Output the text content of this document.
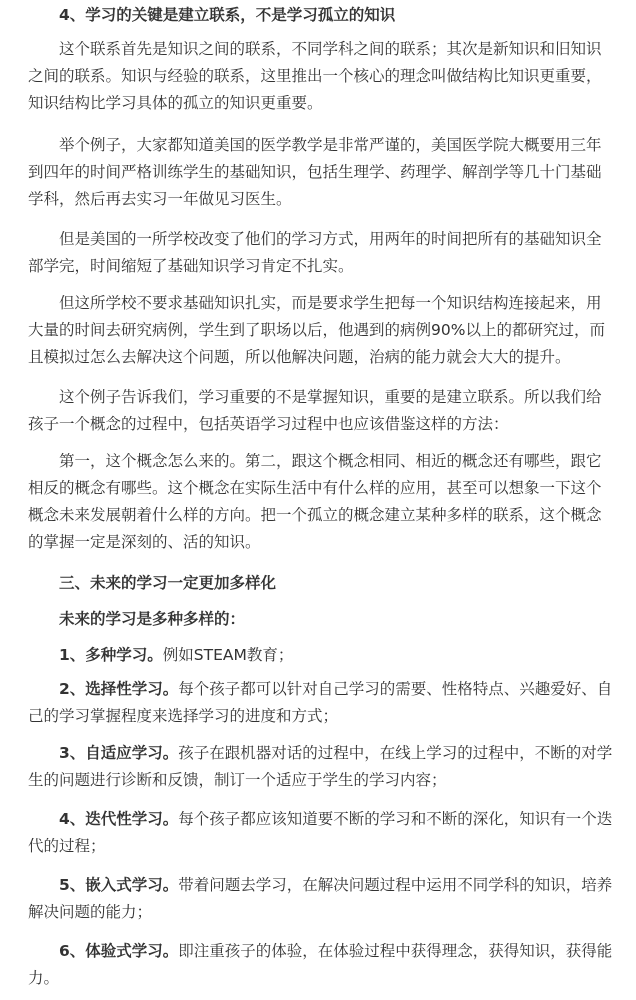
4、学习的关键是建立联系，不是学习孤立的知识

这个联系首先是知识之间的联系，不同学科之间的联系；其次是新知识和旧知识之间的联系。知识与经验的联系，这里推出一个核心的理念叫做结构比知识更重要，知识结构比学习具体的孤立的知识更重要。

举个例子，大家都知道美国的医学教学是非常严谨的，美国医学院大概要用三年到四年的时间严格训练学生的基础知识，包括生理学、药理学、解剖学等几十门基础学科，然后再去实习一年做见习医生。

但是美国的一所学校改变了他们的学习方式，用两年的时间把所有的基础知识全部学完，时间缩短了基础知识学习肯定不扎实。

但这所学校不要求基础知识扎实，而是要求学生把每一个知识结构连接起来，用大量的时间去研究病例，学生到了职场以后，他遇到的病例90%以上的都研究过，而且模拟过怎么去解决这个问题，所以他解决问题，治病的能力就会大大的提升。

这个例子告诉我们，学习重要的不是掌握知识，重要的是建立联系。所以我们给孩子一个概念的过程中，包括英语学习过程中也应该借鉴这样的方法：

第一，这个概念怎么来的。第二，跟这个概念相同、相近的概念还有哪些，跟它相反的概念有哪些。这个概念在实际生活中有什么样的应用，甚至可以想象一下这个概念未来发展朝着什么样的方向。把一个孤立的概念建立某种多样的联系，这个概念的掌握一定是深刻的、活的知识。

三、未来的学习一定更加多样化

未来的学习是多种多样的：

1、多种学习。例如STEAM教育；

2、选择性学习。每个孩子都可以针对自己学习的需要、性格特点、兴趣爱好、自己的学习掌握程度来选择学习的进度和方式；

3、自适应学习。孩子在跟机器对话的过程中，在线上学习的过程中，不断的对学生的问题进行诊断和反馈，制订一个适应于学生的学习内容；

4、迭代性学习。每个孩子都应该知道要不断的学习和不断的深化，知识有一个迭代的过程；

5、嵌入式学习。带着问题去学习，在解决问题过程中运用不同学科的知识，培养解决问题的能力；

6、体验式学习。即注重孩子的体验，在体验过程中获得理念，获得知识，获得能力。
